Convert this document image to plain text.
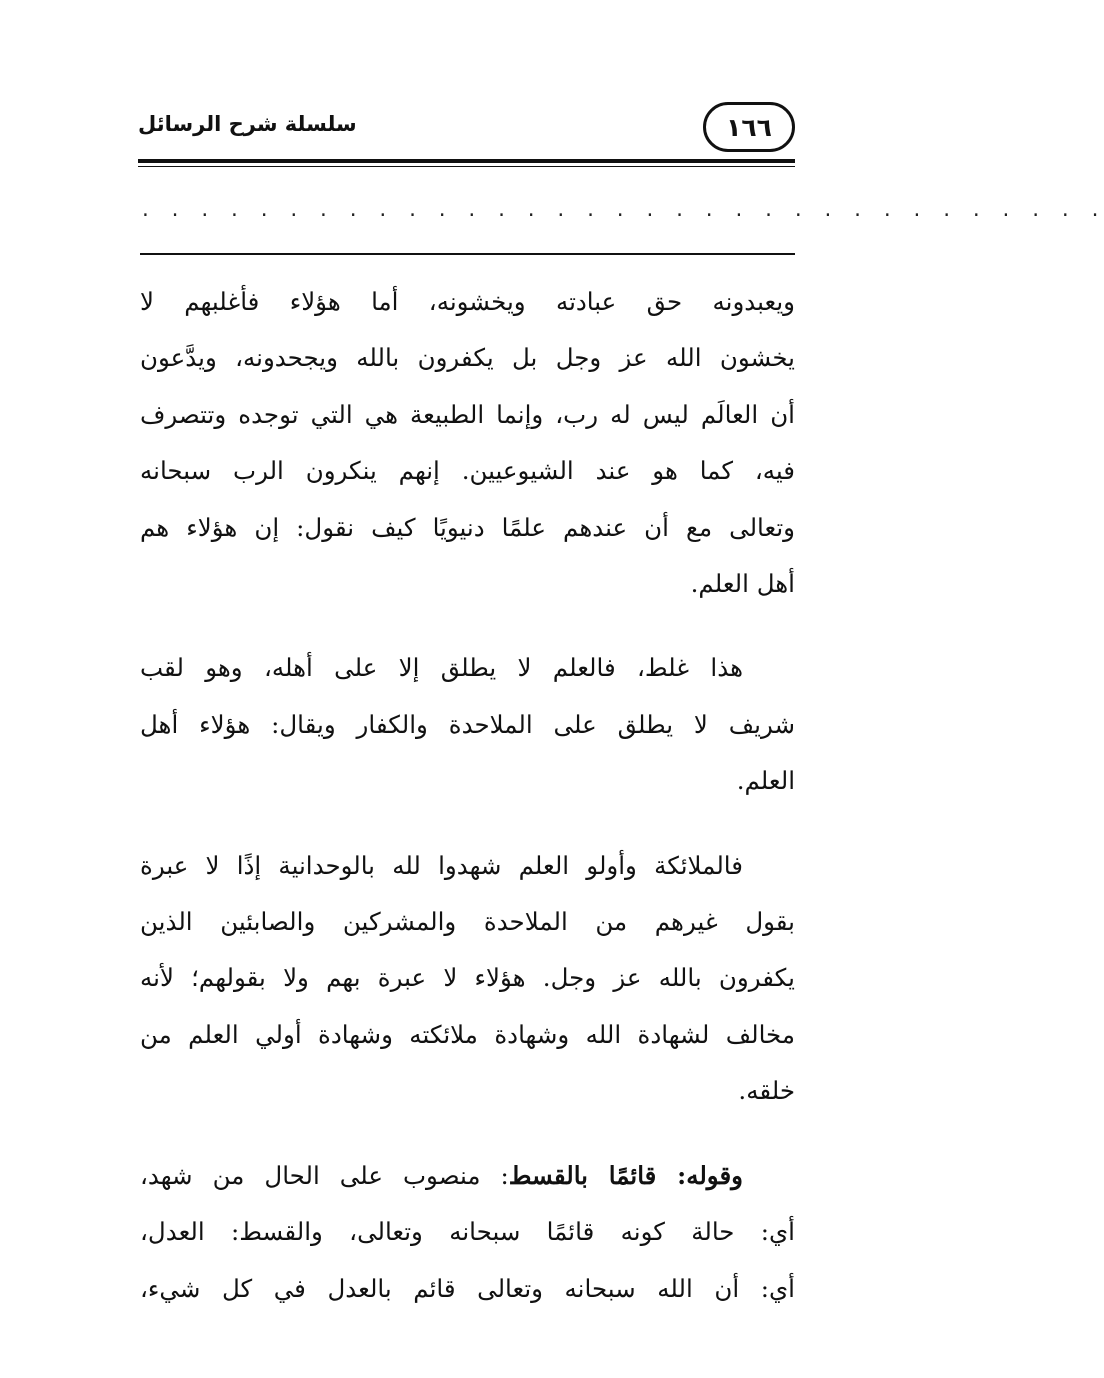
١٦٦
سلسلة شرح الرسائل
. . . . . . . . . . . . . . . . . . . . . . . . . . . . . . . . .

ويعبدونه حق عبادته ويخشونه، أما هؤلاء فأغلبهم لا
يخشون الله عز وجل بل يكفرون بالله ويجحدونه، ويدَّعون
أن العالَم ليس له رب، وإنما الطبيعة هي التي توجده وتتصرف
فيه، كما هو عند الشيوعيين. إنهم ينكرون الرب سبحانه
وتعالى مع أن عندهم علمًا دنيويًا كيف نقول: إن هؤلاء هم
أهل العلم.

هذا غلط، فالعلم لا يطلق إلا على أهله، وهو لقب
شريف لا يطلق على الملاحدة والكفار ويقال: هؤلاء أهل
العلم.

فالملائكة وأولو العلم شهدوا لله بالوحدانية إذًا لا عبرة
بقول غيرهم من الملاحدة والمشركين والصابئين الذين
يكفرون بالله عز وجل. هؤلاء لا عبرة بهم ولا بقولهم؛ لأنه
مخالف لشهادة الله وشهادة ملائكته وشهادة أولي العلم من
خلقه.

وقوله: قائمًا بالقسط: منصوب على الحال من شهد،
أي: حالة كونه قائمًا سبحانه وتعالى، والقسط: العدل،
أي: أن الله سبحانه وتعالى قائم بالعدل في كل شيء،
